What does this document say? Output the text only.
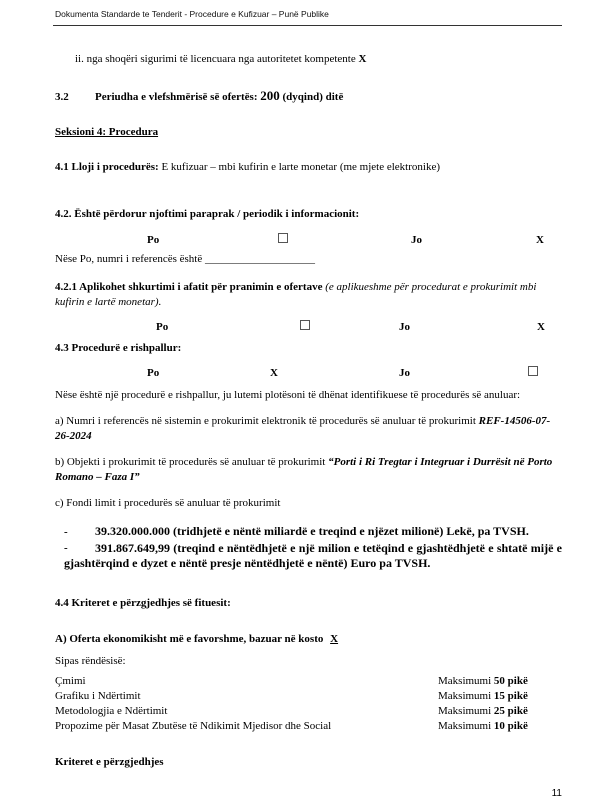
Dokumenta Standarde te Tenderit - Procedure e Kufizuar – Punë Publike
ii. nga shoqëri sigurimi të licencuara nga autoritetet kompetente X
3.2 Periudha e vlefshmërisë së ofertës: 200 (dyqind) ditë
Seksioni 4: Procedura
4.1 Lloji i procedurës: E kufizuar – mbi kufirin e larte monetar (me mjete elektronike)
4.2. Është përdorur njoftimi paraprak / periodik i informacionit:
Po	Jo	X
Nëse Po, numri i referencës është ____________________
4.2.1 Aplikohet shkurtimi i afatit për pranimin e ofertave (e aplikueshme për procedurat e prokurimit mbi kufirin e lartë monetar).
Po	Jo	X
4.3 Procedurë e rishpallur:
Po	X	Jo
Nëse është një procedurë e rishpallur, ju lutemi plotësoni të dhënat identifikuese të procedurës së anuluar:
a) Numri i referencës në sistemin e prokurimit elektronik të procedurës së anuluar të prokurimit REF-14506-07-26-2024
b) Objekti i prokurimit të procedurës së anuluar të prokurimit “Porti i Ri Tregtar i Integruar i Durrësit në Porto Romano – Faza I”
c) Fondi limit i procedurës së anuluar të prokurimit
- 39.320.000.000 (tridhjetë e nëntë miliardë e treqind e njëzet milionë) Lekë, pa TVSH.
-	391.867.649,99 (treqind e nëntëdhjetë e një milion e tetëqind e gjashtëdhjetë e shtatë mijë e gjashtërqind e dyzet e nëntë presje nëntëdhjetë e nëntë) Euro pa TVSH.
4.4 Kriteret e përzgjedhjes së fituesit:
A) Oferta ekonomikisht më e favorshme, bazuar në kosto X
Sipas rëndësisë:
Çmimi	Maksimumi 50 pikë
Grafiku i Ndërtimit	Maksimumi 15 pikë
Metodologjia e Ndërtimit	Maksimumi 25 pikë
Propozime për Masat Zbutëse të Ndikimit Mjedisor dhe Social	Maksimumi 10 pikë
Kriteret e përzgjedhjes
11
